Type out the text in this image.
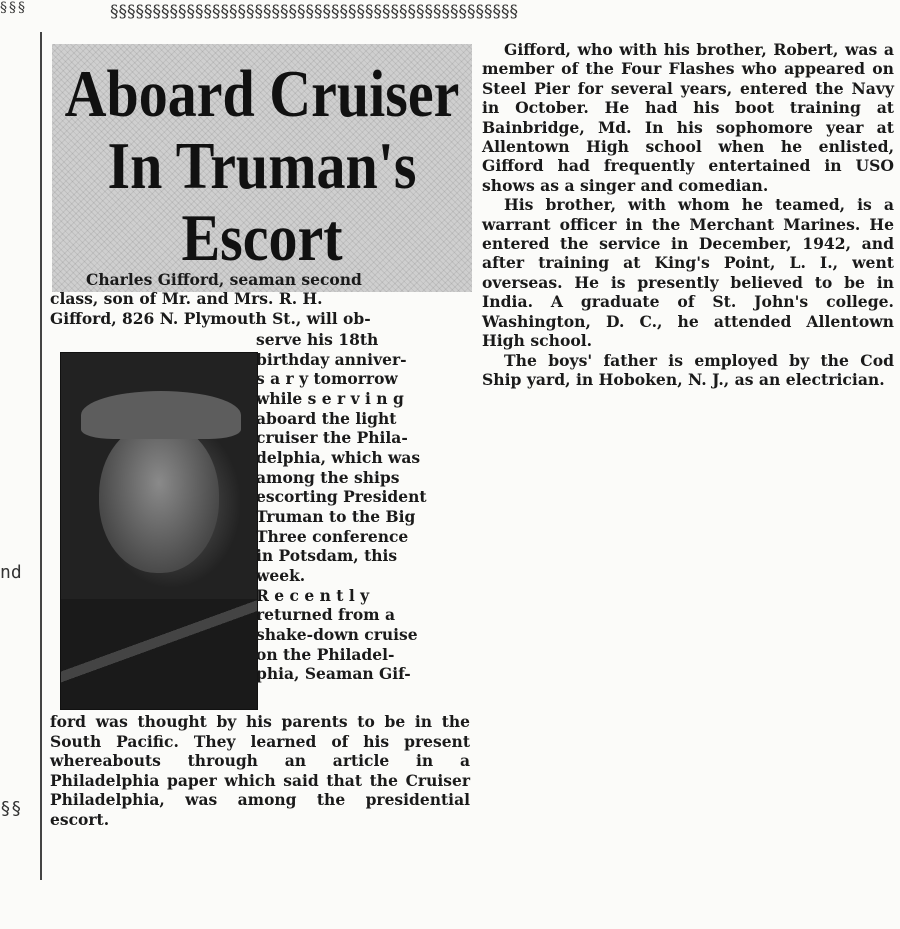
§§§	§§§§§§§§§§§§§§§§§§§§§§§§§§§§§§§§§§§§§§§§§§§§§§§§
nd
§§
Aboard Cruiser
In Truman's
Escort
Charles Gifford, seaman second
class, son of Mr. and Mrs. R. H.
Gifford, 826 N. Plymouth St., will ob-
serve his 18th
birthday anniver-
s a r y tomorrow
while s e r v i n g
aboard the light
cruiser the Phila-
delphia, which was
among the ships
escorting President
Truman to the Big
Three conference
in Potsdam, this
week.
R e c e n t l y
returned from a
shake-down cruise
on the Philadel-
phia, Seaman Gif-
ford was thought by his parents to be in the South Pacific. They learned of his present whereabouts through an article in a Philadelphia paper which said that the Cruiser Philadelphia, was among the presidential escort.

Gifford, who with his brother, Robert, was a member of the Four Flashes who appeared on Steel Pier for several years, entered the Navy in October. He had his boot training at Bainbridge, Md. In his sophomore year at Allentown High school when he enlisted, Gifford had frequently entertained in USO shows as a singer and comedian.

His brother, with whom he teamed, is a warrant officer in the Merchant Marines. He entered the service in December, 1942, and after training at King's Point, L. I., went overseas. He is presently believed to be in India. A graduate of St. John's college. Washington, D. C., he attended Allentown High school.

The boys' father is employed by the Cod Ship yard, in Hoboken, N. J., as an electrician.
